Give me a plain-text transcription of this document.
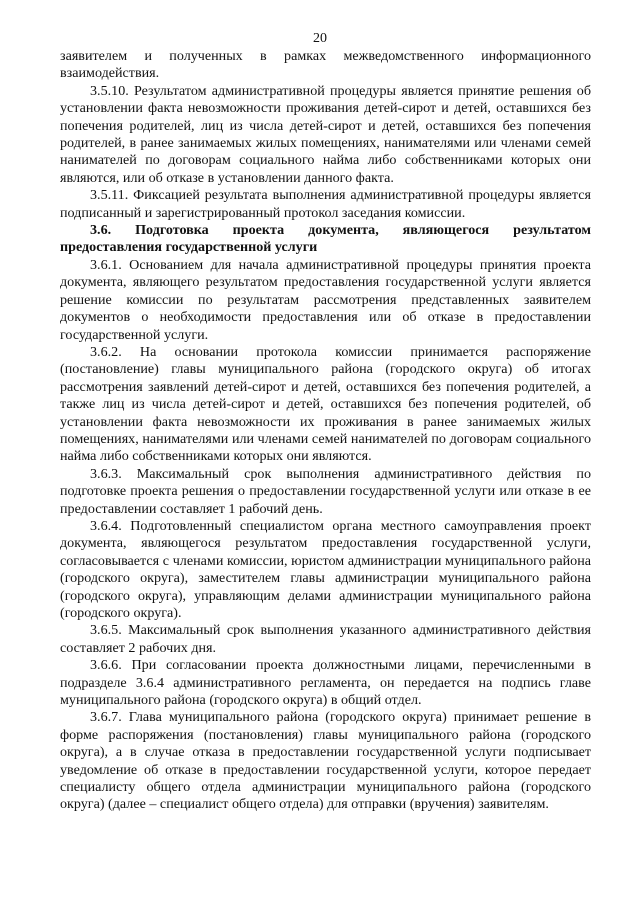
20

заявителем и полученных в рамках межведомственного информационного взаимодействия.

3.5.10. Результатом административной процедуры является принятие решения об установлении факта невозможности проживания детей-сирот и детей, оставшихся без попечения родителей, лиц из числа детей-сирот и детей, оставшихся без попечения родителей, в ранее занимаемых жилых помещениях, нанимателями или членами семей нанимателей по договорам социального найма либо собственниками которых они являются, или об отказе в установлении данного факта.

3.5.11. Фиксацией результата выполнения административной процедуры является подписанный и зарегистрированный протокол заседания комиссии.

3.6. Подготовка проекта документа, являющегося результатом предоставления государственной услуги

3.6.1. Основанием для начала административной процедуры принятия проекта документа, являющего результатом предоставления государственной услуги является решение комиссии по результатам рассмотрения представленных заявителем документов о необходимости предоставления или об отказе в предоставлении государственной услуги.

3.6.2. На основании протокола комиссии принимается распоряжение (постановление) главы муниципального района (городского округа) об итогах рассмотрения заявлений детей-сирот и детей, оставшихся без попечения родителей, а также лиц из числа детей-сирот и детей, оставшихся без попечения родителей, об установлении факта невозможности их проживания в ранее занимаемых жилых помещениях, нанимателями или членами семей нанимателей по договорам социального найма либо собственниками которых они являются.

3.6.3. Максимальный срок выполнения административного действия по подготовке проекта решения о предоставлении государственной услуги или отказе в ее предоставлении составляет 1 рабочий день.

3.6.4. Подготовленный специалистом органа местного самоуправления проект документа, являющегося результатом предоставления государственной услуги, согласовывается с членами комиссии, юристом администрации муниципального района (городского округа), заместителем главы администрации муниципального района (городского округа), управляющим делами администрации муниципального района (городского округа).

3.6.5. Максимальный срок выполнения указанного административного действия составляет 2 рабочих дня.

3.6.6. При согласовании проекта должностными лицами, перечисленными в подразделе 3.6.4 административного регламента, он передается на подпись главе муниципального района (городского округа) в общий отдел.

3.6.7. Глава муниципального района (городского округа) принимает решение в форме распоряжения (постановления) главы муниципального района (городского округа), а в случае отказа в предоставлении государственной услуги подписывает уведомление об отказе в предоставлении государственной услуги, которое передает специалисту общего отдела администрации муниципального района (городского округа) (далее – специалист общего отдела) для отправки (вручения) заявителям.
